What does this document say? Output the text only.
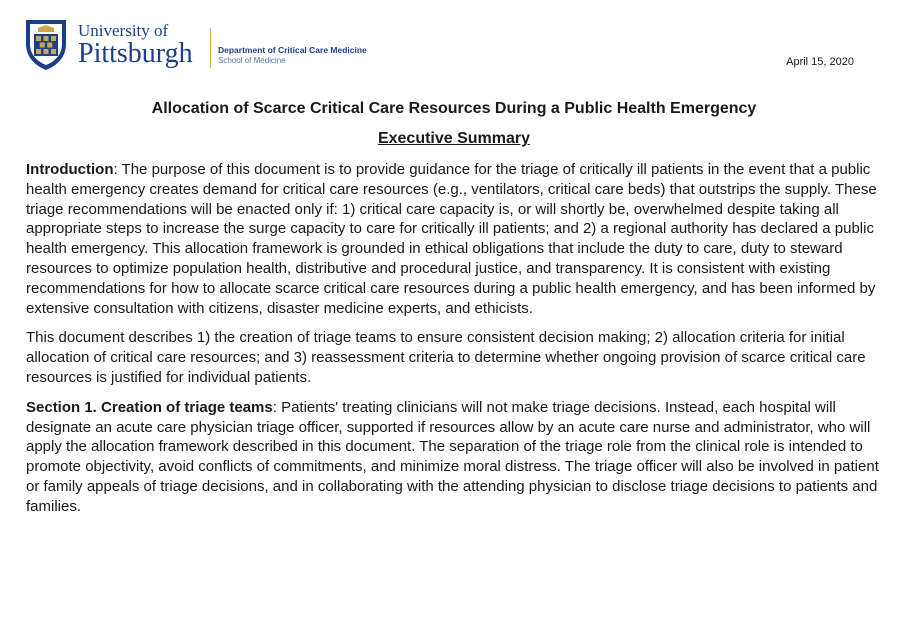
University of
Pittsburgh	Department of Critical Care Medicine
School of Medicine	April 15, 2020
Allocation of Scarce Critical Care Resources During a Public Health Emergency
Executive Summary

Introduction: The purpose of this document is to provide guidance for the triage of critically ill patients in the event that a public health emergency creates demand for critical care resources (e.g., ventilators, critical care beds) that outstrips the supply. These triage recommendations will be enacted only if: 1) critical care capacity is, or will shortly be, overwhelmed despite taking all appropriate steps to increase the surge capacity to care for critically ill patients; and 2) a regional authority has declared a public health emergency. This allocation framework is grounded in ethical obligations that include the duty to care, duty to steward resources to optimize population health, distributive and procedural justice, and transparency. It is consistent with existing recommendations for how to allocate scarce critical care resources during a public health emergency, and has been informed by extensive consultation with citizens, disaster medicine experts, and ethicists.

This document describes 1) the creation of triage teams to ensure consistent decision making; 2) allocation criteria for initial allocation of critical care resources; and 3) reassessment criteria to determine whether ongoing provision of scarce critical care resources is justified for individual patients.

Section 1. Creation of triage teams: Patients' treating clinicians will not make triage decisions. Instead, each hospital will designate an acute care physician triage officer, supported if resources allow by an acute care nurse and administrator, who will apply the allocation framework described in this document. The separation of the triage role from the clinical role is intended to promote objectivity, avoid conflicts of commitments, and minimize moral distress. The triage officer will also be involved in patient or family appeals of triage decisions, and in collaborating with the attending physician to disclose triage decisions to patients and families.
